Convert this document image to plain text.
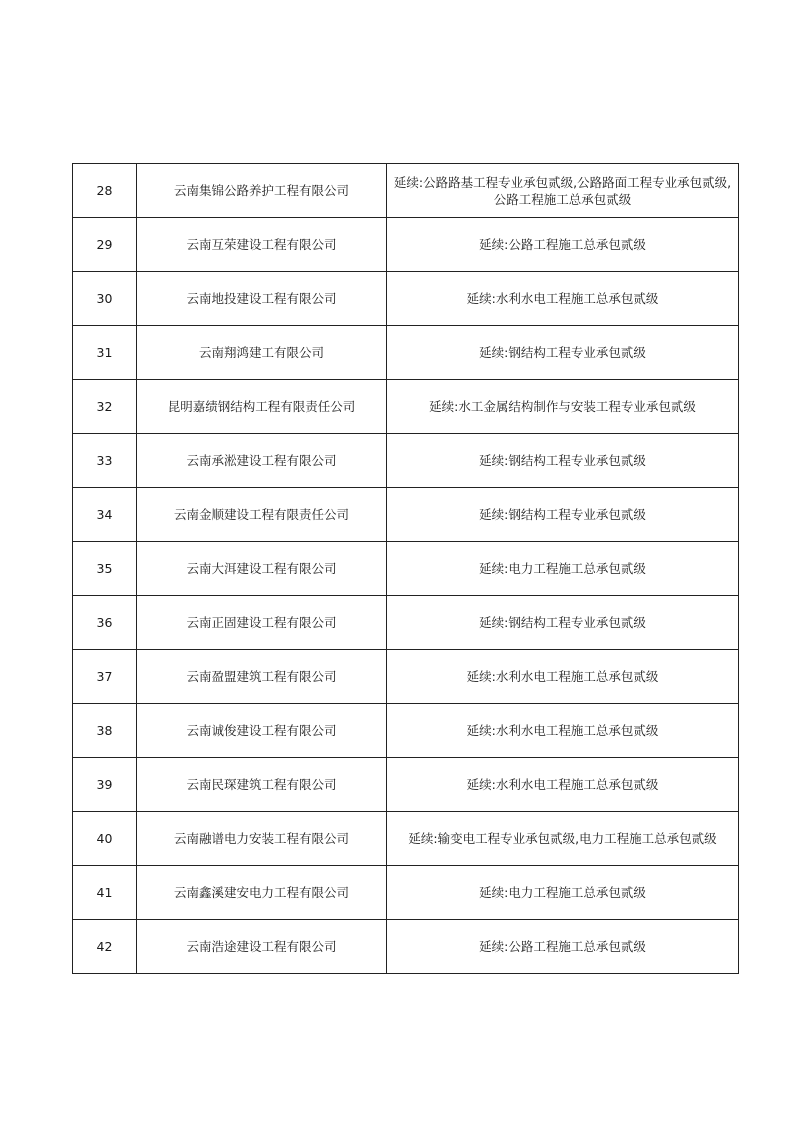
28	云南集锦公路养护工程有限公司	延续:公路路基工程专业承包贰级,公路路面工程专业承包贰级,公路工程施工总承包贰级
29	云南互荣建设工程有限公司	延续:公路工程施工总承包贰级
30	云南地投建设工程有限公司	延续:水利水电工程施工总承包贰级
31	云南翔鸿建工有限公司	延续:钢结构工程专业承包贰级
32	昆明嘉绩钢结构工程有限责任公司	延续:水工金属结构制作与安装工程专业承包贰级
33	云南承淞建设工程有限公司	延续:钢结构工程专业承包贰级
34	云南金顺建设工程有限责任公司	延续:钢结构工程专业承包贰级
35	云南大洱建设工程有限公司	延续:电力工程施工总承包贰级
36	云南正固建设工程有限公司	延续:钢结构工程专业承包贰级
37	云南盈盟建筑工程有限公司	延续:水利水电工程施工总承包贰级
38	云南诚俊建设工程有限公司	延续:水利水电工程施工总承包贰级
39	云南民琛建筑工程有限公司	延续:水利水电工程施工总承包贰级
40	云南融谱电力安装工程有限公司	延续:输变电工程专业承包贰级,电力工程施工总承包贰级
41	云南鑫溪建安电力工程有限公司	延续:电力工程施工总承包贰级
42	云南浩途建设工程有限公司	延续:公路工程施工总承包贰级
